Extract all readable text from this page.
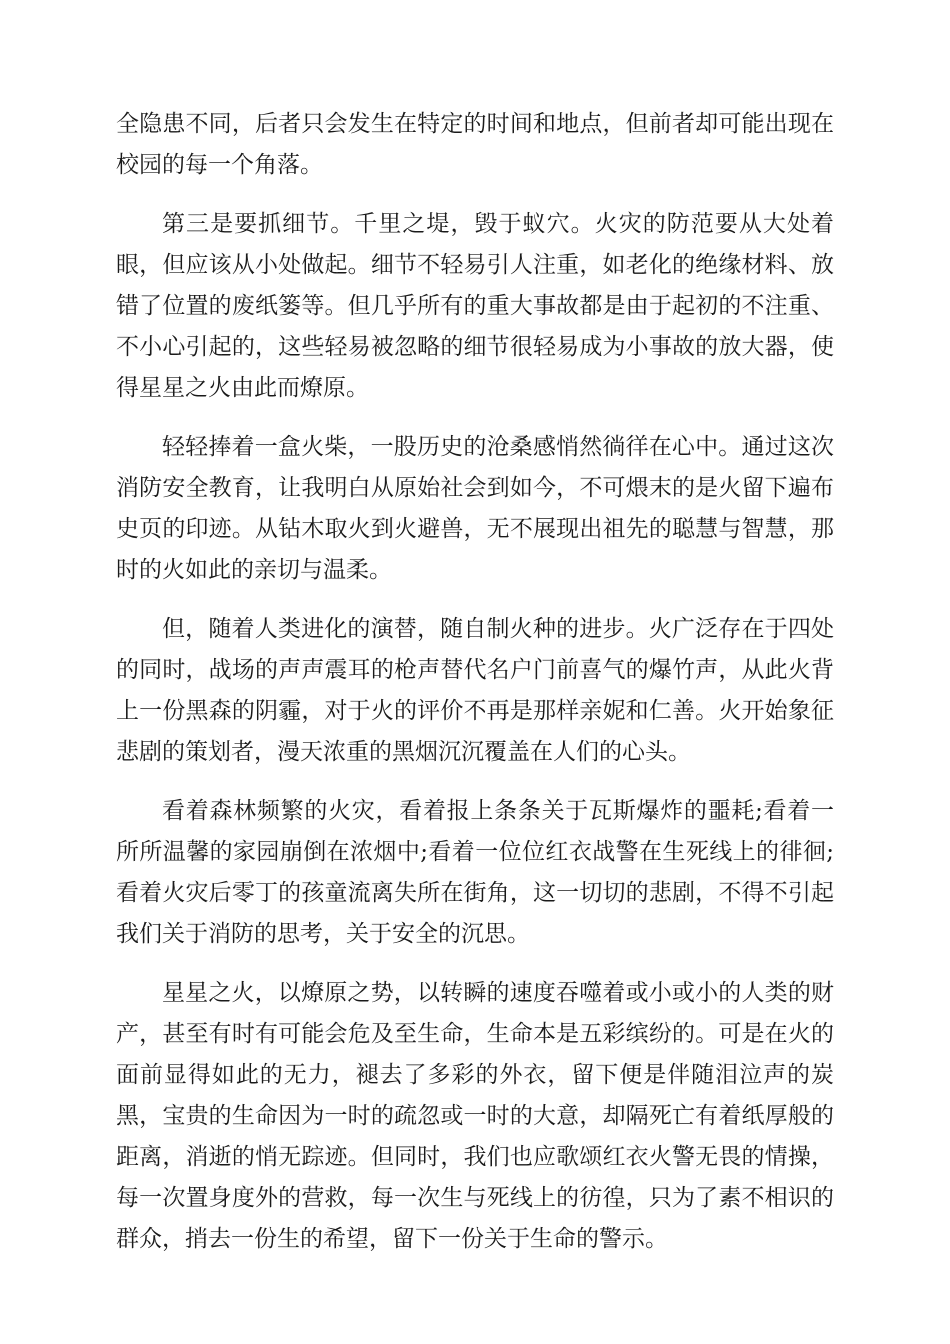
全隐患不同，后者只会发生在特定的时间和地点，但前者却可能出现在校园的每一个角落。

第三是要抓细节。千里之堤，毁于蚁穴。火灾的防范要从大处着眼，但应该从小处做起。细节不轻易引人注重，如老化的绝缘材料、放错了位置的废纸篓等。但几乎所有的重大事故都是由于起初的不注重、不小心引起的，这些轻易被忽略的细节很轻易成为小事故的放大器，使得星星之火由此而燎原。

轻轻捧着一盒火柴，一股历史的沧桑感悄然徜徉在心中。通过这次消防安全教育，让我明白从原始社会到如今，不可煨末的是火留下遍布史页的印迹。从钻木取火到火避兽，无不展现出祖先的聪慧与智慧，那时的火如此的亲切与温柔。

但，随着人类进化的演替，随自制火种的进步。火广泛存在于四处的同时，战场的声声震耳的枪声替代名户门前喜气的爆竹声，从此火背上一份黑森的阴霾，对于火的评价不再是那样亲妮和仁善。火开始象征悲剧的策划者，漫天浓重的黑烟沉沉覆盖在人们的心头。

看着森林频繁的火灾，看着报上条条关于瓦斯爆炸的噩耗;看着一所所温馨的家园崩倒在浓烟中;看着一位位红衣战警在生死线上的徘徊;看着火灾后零丁的孩童流离失所在街角，这一切切的悲剧，不得不引起我们关于消防的思考，关于安全的沉思。

星星之火，以燎原之势，以转瞬的速度吞噬着或小或小的人类的财产，甚至有时有可能会危及至生命，生命本是五彩缤纷的。可是在火的面前显得如此的无力，褪去了多彩的外衣，留下便是伴随泪泣声的炭黑，宝贵的生命因为一时的疏忽或一时的大意，却隔死亡有着纸厚般的距离，消逝的悄无踪迹。但同时，我们也应歌颂红衣火警无畏的情操，每一次置身度外的营救，每一次生与死线上的彷徨，只为了素不相识的群众，捎去一份生的希望，留下一份关于生命的警示。
